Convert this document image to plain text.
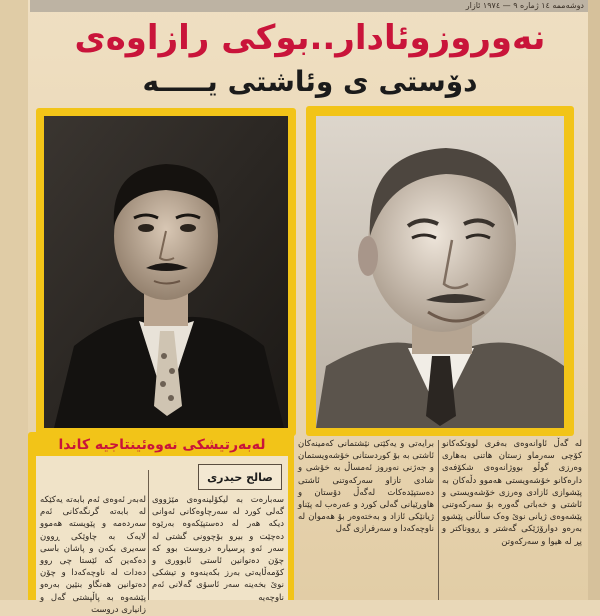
دوشەممە ١٤ ژمارە ٩ — ١٩٧٤ ئازار
نەوروزوئادار..بوکی رازاوەی
دۆستی ی وئاشتی یـــــە
لەبەرتیشکی نەوەئینتاجیە کاندا
صالح حیدری
لەبەر ئەوەی ئەم بابەتە یەکێکە لە بابەتە گرنگەکانی ئەم سەردەمە و پێویستە هەموو لایەک بە چاوێکی ڕوون سەیری بکەن و پاشان باسی دەکەین کە ئێستا چی روو دەدات لە ناوچەکەدا و چۆن دەتوانین هەنگاو بنێین بەرەو پێشەوە بە پاڵپشتی گەل و زانیاری دروست
سەبارەت بە لیکۆلینەوەی مێژووی گەلی کورد لە سەرچاوەکانی ئەوانی دیکە هەر لە دەستپێکەوە بەرێوە دەچێت و بیرو بۆچوونی گشتی لە سەر ئەو پرسیارە دروست بوو کە چۆن دەتوانین ئاستی ئابووری و کۆمەڵایەتی بەرز بکەینەوە و تیشکی نوێ بخەینە سەر ئاسۆی گەلانی ئەم ناوچەیە
برایەتی و یەکێتی نێشتمانی کەمینەکان ئاشتی بە بۆ کوردستانی خۆشەویستمان و جەژنی نەوروز ئەمساڵ بە خۆشی و شادی تازاو سەرکەوتنی ئاشتی دەستپێدەکات لەگەڵ دۆستان و هاوڕێیانی گەلی کورد و عەرەب لە پێناو ژیانێکی ئازاد و بەختەوەر بۆ هەموان لە ناوچەکەدا و سەرفرازی گەل
لە گەڵ ئاوانەوەی بەفری لووتکەکانو کۆچی سەرماو زستان هاتنی بەهاری وەرزی گوڵو بووژانەوەی شکۆفەی دارەکانو خۆشەویستی هەموو دڵەکان بە پێشوازی ئازادی وەرزی خۆشەویستی و ئاشتی و خەباتی گەورە بۆ سەرکەوتنی پێشەوەی ژیانی نوێ وەک ساڵانی پێشوو بەرەو دوارۆژێکی گەشتر و ڕووناکتر و پڕ لە هیوا و سەرکەوتن
